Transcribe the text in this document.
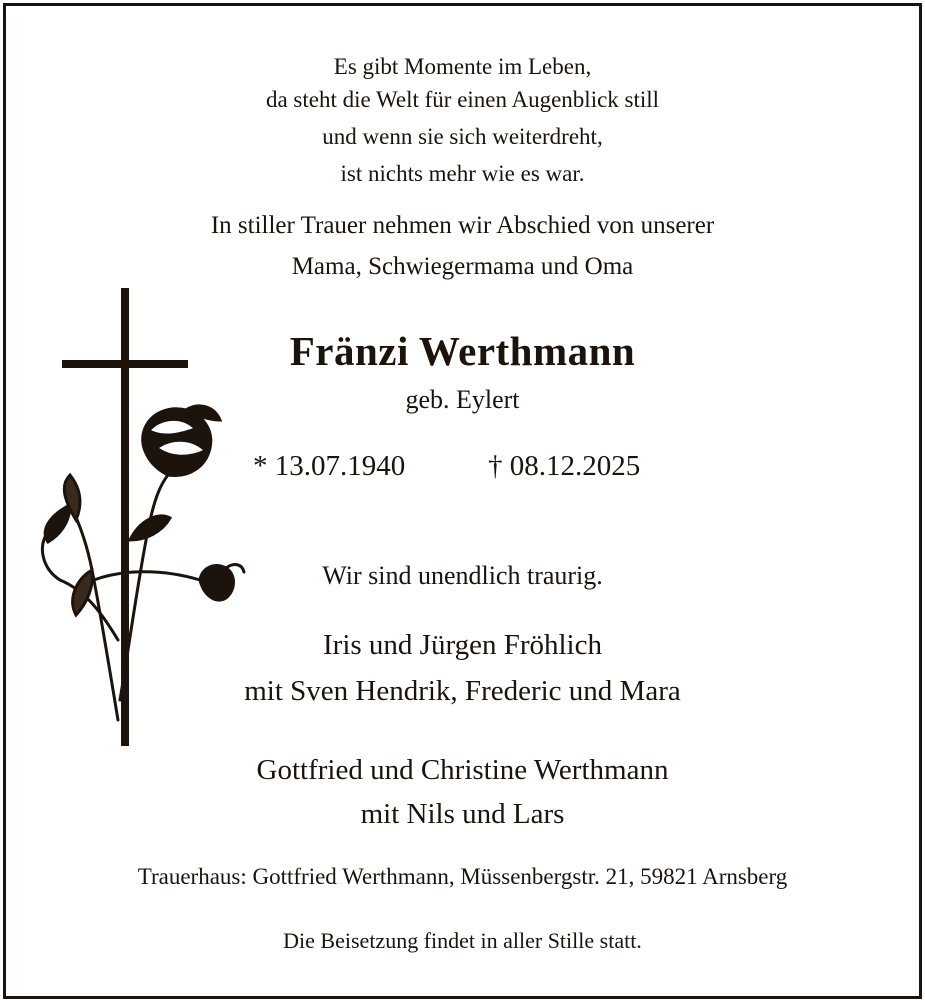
Es gibt Momente im Leben,
da steht die Welt für einen Augenblick still
und wenn sie sich weiterdreht,
ist nichts mehr wie es war.
In stiller Trauer nehmen wir Abschied von unserer
Mama, Schwiegermama und Oma
Fränzi Werthmann
geb. Eylert
* 13.07.1940	† 08.12.2025
Wir sind unendlich traurig.
Iris und Jürgen Fröhlich
mit Sven Hendrik, Frederic und Mara
Gottfried und Christine Werthmann
mit Nils und Lars
Trauerhaus: Gottfried Werthmann, Müssenbergstr. 21, 59821 Arnsberg
Die Beisetzung findet in aller Stille statt.
